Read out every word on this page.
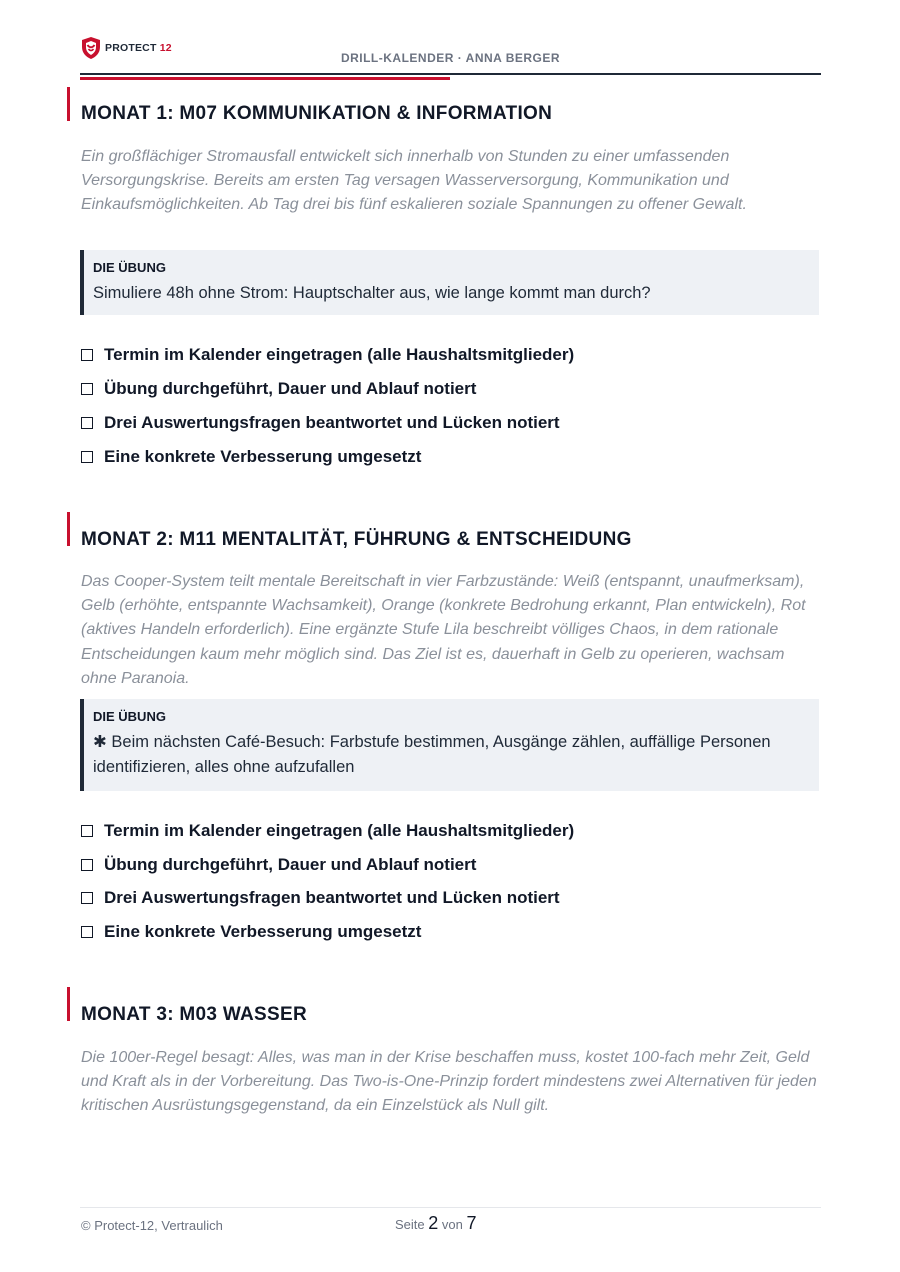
PROTECT 12
DRILL-KALENDER · ANNA BERGER
MONAT 1: M07 KOMMUNIKATION & INFORMATION
Ein großflächiger Stromausfall entwickelt sich innerhalb von Stunden zu einer umfassenden Versorgungskrise. Bereits am ersten Tag versagen Wasserversorgung, Kommunikation und Einkaufsmöglichkeiten. Ab Tag drei bis fünf eskalieren soziale Spannungen zu offener Gewalt.
DIE ÜBUNG
Simuliere 48h ohne Strom: Hauptschalter aus, wie lange kommt man durch?
Termin im Kalender eingetragen (alle Haushaltsmitglieder)
Übung durchgeführt, Dauer und Ablauf notiert
Drei Auswertungsfragen beantwortet und Lücken notiert
Eine konkrete Verbesserung umgesetzt
MONAT 2: M11 MENTALITÄT, FÜHRUNG & ENTSCHEIDUNG
Das Cooper-System teilt mentale Bereitschaft in vier Farbzustände: Weiß (entspannt, unaufmerksam), Gelb (erhöhte, entspannte Wachsamkeit), Orange (konkrete Bedrohung erkannt, Plan entwickeln), Rot (aktives Handeln erforderlich). Eine ergänzte Stufe Lila beschreibt völliges Chaos, in dem rationale Entscheidungen kaum mehr möglich sind. Das Ziel ist es, dauerhaft in Gelb zu operieren, wachsam ohne Paranoia.
DIE ÜBUNG
✱ Beim nächsten Café-Besuch: Farbstufe bestimmen, Ausgänge zählen, auffällige Personen identifizieren, alles ohne aufzufallen
Termin im Kalender eingetragen (alle Haushaltsmitglieder)
Übung durchgeführt, Dauer und Ablauf notiert
Drei Auswertungsfragen beantwortet und Lücken notiert
Eine konkrete Verbesserung umgesetzt
MONAT 3: M03 WASSER
Die 100er-Regel besagt: Alles, was man in der Krise beschaffen muss, kostet 100-fach mehr Zeit, Geld und Kraft als in der Vorbereitung. Das Two-is-One-Prinzip fordert mindestens zwei Alternativen für jeden kritischen Ausrüstungsgegenstand, da ein Einzelstück als Null gilt.
© Protect-12, Vertraulich	Seite 2 von 7
